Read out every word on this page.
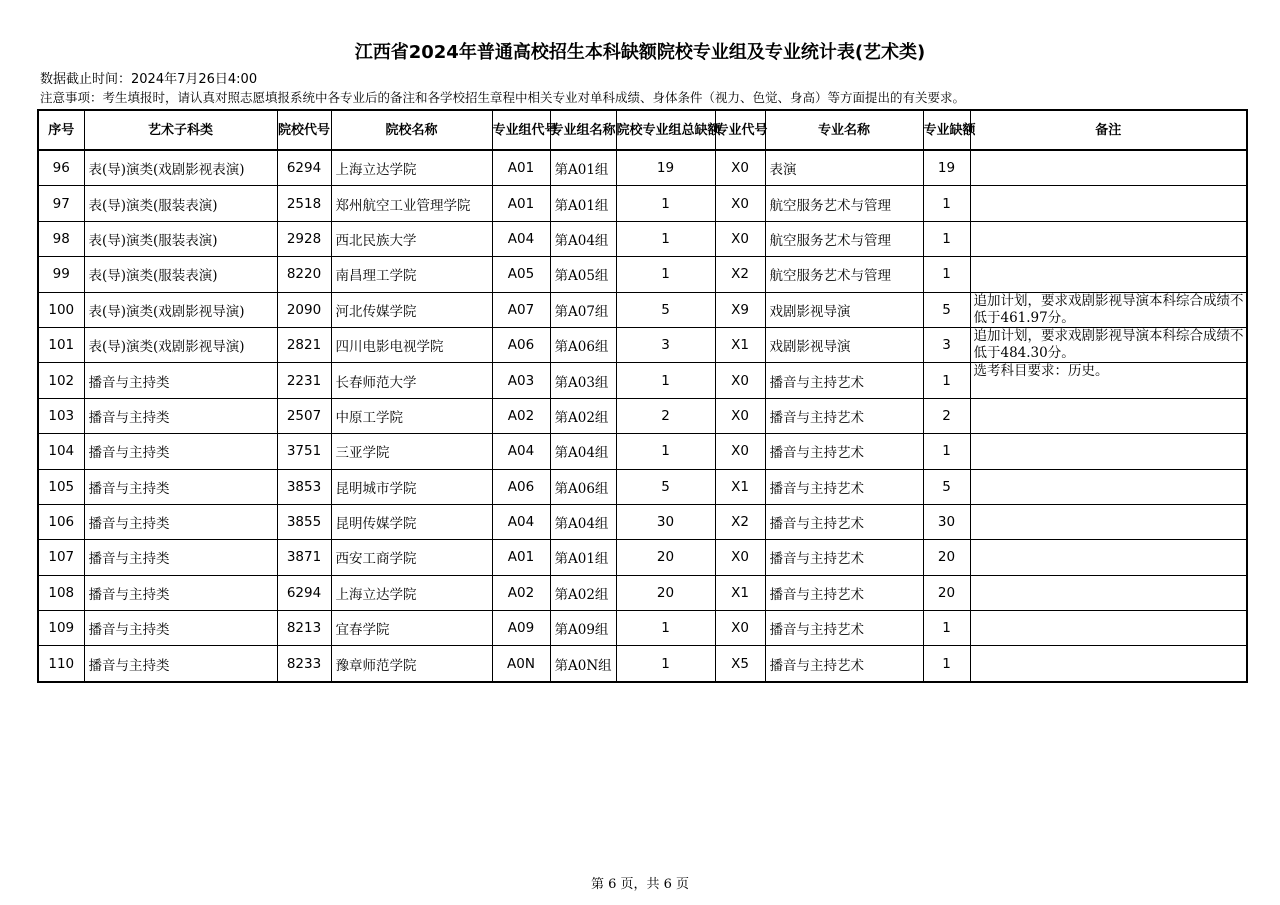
江西省2024年普通高校招生本科缺额院校专业组及专业统计表(艺术类)
数据截止时间：2024年7月26日4:00
注意事项：考生填报时，请认真对照志愿填报系统中各专业后的备注和各学校招生章程中相关专业对单科成绩、身体条件（视力、色觉、身高）等方面提出的有关要求。
序号	艺术子科类	院校代号	院校名称	专业组代号	专业组名称	院校专业组总缺额	专业代号	专业名称	专业缺额	备注
96	表(导)演类(戏剧影视表演)	6294	上海立达学院	A01	第A01组	19	X0	表演	19	
97	表(导)演类(服装表演)	2518	郑州航空工业管理学院	A01	第A01组	1	X0	航空服务艺术与管理	1	
98	表(导)演类(服装表演)	2928	西北民族大学	A04	第A04组	1	X0	航空服务艺术与管理	1	
99	表(导)演类(服装表演)	8220	南昌理工学院	A05	第A05组	1	X2	航空服务艺术与管理	1	
100	表(导)演类(戏剧影视导演)	2090	河北传媒学院	A07	第A07组	5	X9	戏剧影视导演	5	追加计划，要求戏剧影视导演本科综合成绩不低于461.97分。
101	表(导)演类(戏剧影视导演)	2821	四川电影电视学院	A06	第A06组	3	X1	戏剧影视导演	3	追加计划，要求戏剧影视导演本科综合成绩不低于484.30分。
102	播音与主持类	2231	长春师范大学	A03	第A03组	1	X0	播音与主持艺术	1	选考科目要求：历史。
103	播音与主持类	2507	中原工学院	A02	第A02组	2	X0	播音与主持艺术	2	
104	播音与主持类	3751	三亚学院	A04	第A04组	1	X0	播音与主持艺术	1	
105	播音与主持类	3853	昆明城市学院	A06	第A06组	5	X1	播音与主持艺术	5	
106	播音与主持类	3855	昆明传媒学院	A04	第A04组	30	X2	播音与主持艺术	30	
107	播音与主持类	3871	西安工商学院	A01	第A01组	20	X0	播音与主持艺术	20	
108	播音与主持类	6294	上海立达学院	A02	第A02组	20	X1	播音与主持艺术	20	
109	播音与主持类	8213	宜春学院	A09	第A09组	1	X0	播音与主持艺术	1	
110	播音与主持类	8233	豫章师范学院	A0N	第A0N组	1	X5	播音与主持艺术	1	
第 6 页，共 6 页
